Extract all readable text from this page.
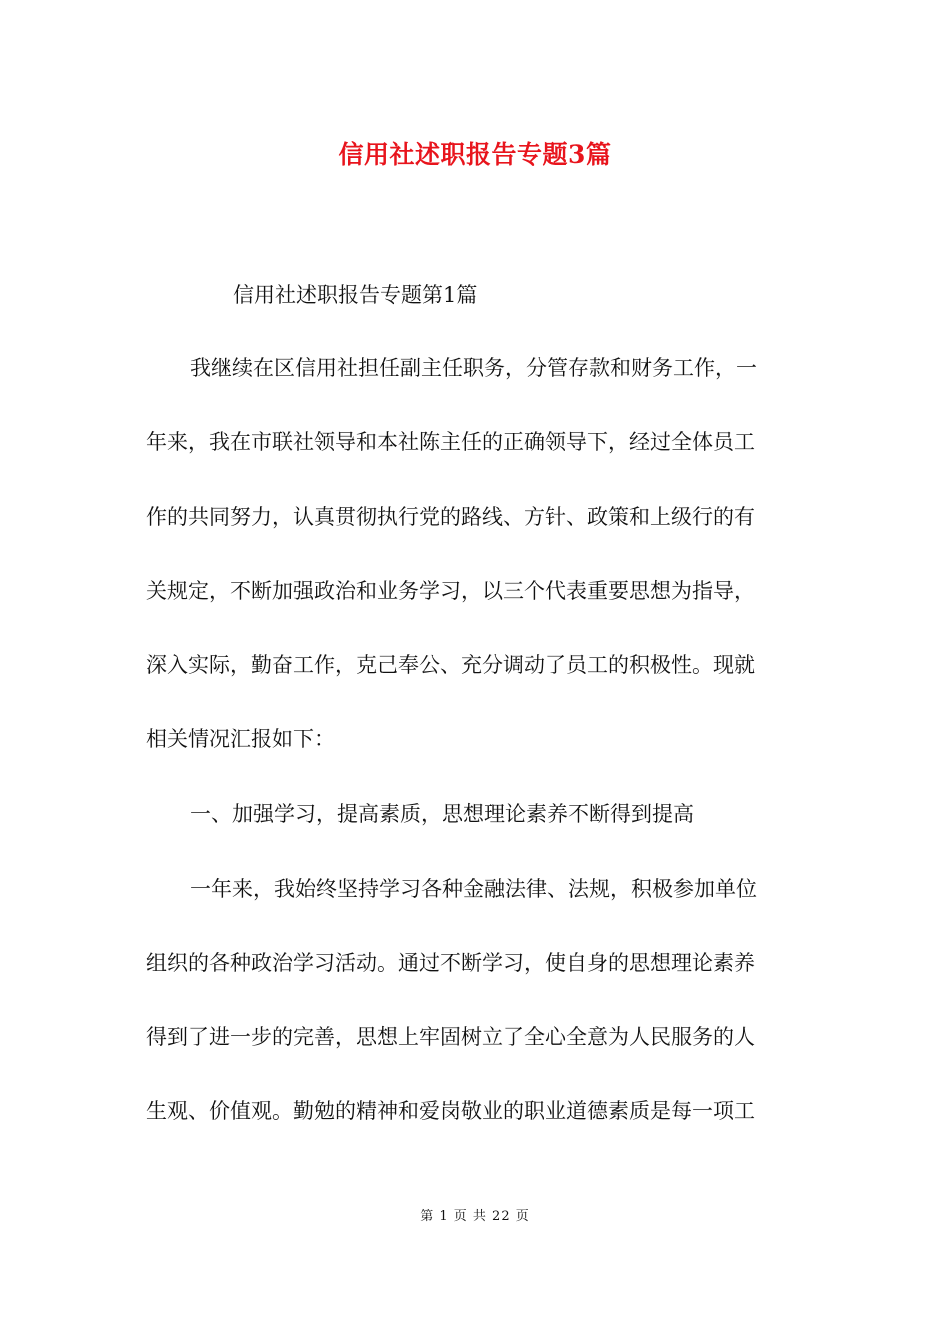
信用社述职报告专题3篇
信用社述职报告专题第1篇
我继续在区信用社担任副主任职务，分管存款和财务工作，一
年来，我在市联社领导和本社陈主任的正确领导下，经过全体员工
作的共同努力，认真贯彻执行党的路线、方针、政策和上级行的有
关规定，不断加强政治和业务学习，以三个代表重要思想为指导，
深入实际，勤奋工作，克己奉公、充分调动了员工的积极性。现就
相关情况汇报如下：
一、加强学习，提高素质，思想理论素养不断得到提高
一年来，我始终坚持学习各种金融法律、法规，积极参加单位
组织的各种政治学习活动。通过不断学习，使自身的思想理论素养
得到了进一步的完善，思想上牢固树立了全心全意为人民服务的人
生观、价值观。勤勉的精神和爱岗敬业的职业道德素质是每一项工
第 1 页 共 22 页
